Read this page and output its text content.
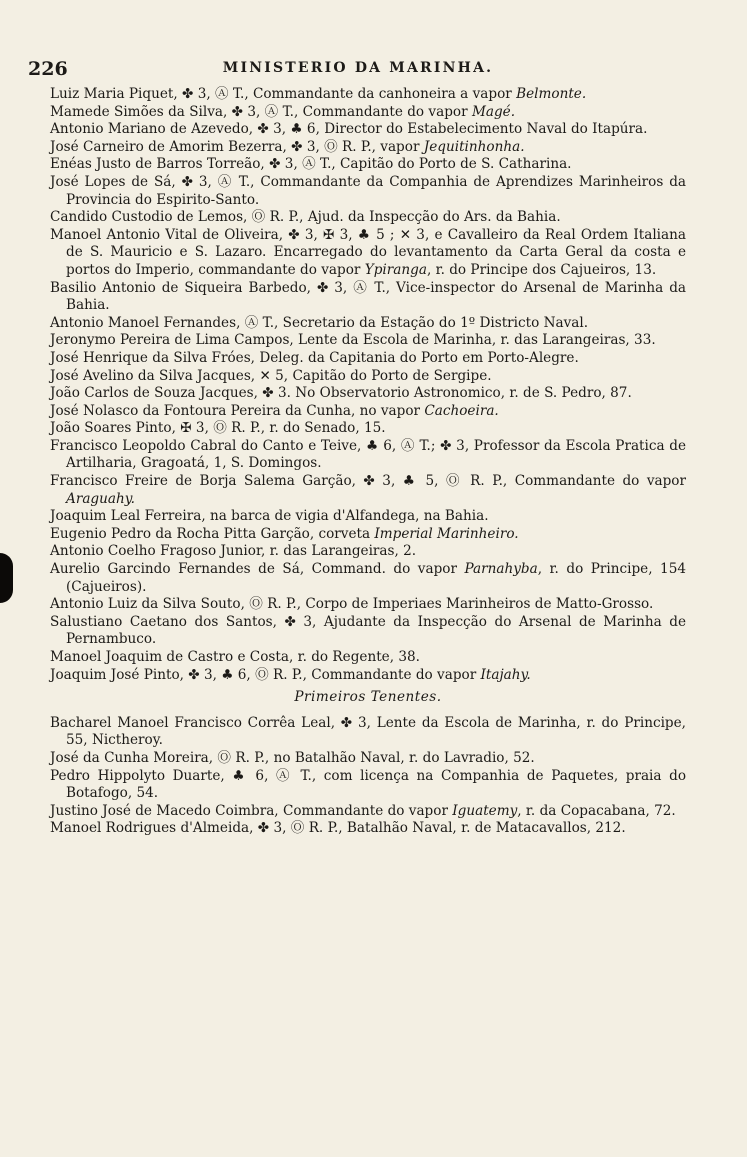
226	MINISTERIO DA MARINHA.
Luiz Maria Piquet, ✤ 3, Ⓐ T., Commandante da canhoneira a vapor Belmonte.
Mamede Simões da Silva, ✤ 3, Ⓐ T., Commandante do vapor Magé.
Antonio Mariano de Azevedo, ✤ 3, ♣ 6, Director do Estabelecimento Naval do Itapúra.
José Carneiro de Amorim Bezerra, ✤ 3, Ⓞ R. P., vapor Jequitinhonha.
Enéas Justo de Barros Torreão, ✤ 3, Ⓐ T., Capitão do Porto de S. Catharina.
José Lopes de Sá, ✤ 3, Ⓐ T., Commandante da Companhia de Aprendizes Marinheiros da Provincia do Espirito-Santo.
Candido Custodio de Lemos, Ⓞ R. P., Ajud. da Inspecção do Ars. da Bahia.
Manoel Antonio Vital de Oliveira, ✤ 3, ✠ 3, ♣ 5 ; ✕ 3, e Cavalleiro da Real Ordem Italiana de S. Mauricio e S. Lazaro. Encarregado do levantamento da Carta Geral da costa e portos do Imperio, commandante do vapor Ypiranga, r. do Principe dos Cajueiros, 13.
Basilio Antonio de Siqueira Barbedo, ✤ 3, Ⓐ T., Vice-inspector do Arsenal de Marinha da Bahia.
Antonio Manoel Fernandes, Ⓐ T., Secretario da Estação do 1º Districto Naval.
Jeronymo Pereira de Lima Campos, Lente da Escola de Marinha, r. das Larangeiras, 33.
José Henrique da Silva Fróes, Deleg. da Capitania do Porto em Porto-Alegre.
José Avelino da Silva Jacques, ✕ 5, Capitão do Porto de Sergipe.
João Carlos de Souza Jacques, ✤ 3. No Observatorio Astronomico, r. de S. Pedro, 87.
José Nolasco da Fontoura Pereira da Cunha, no vapor Cachoeira.
João Soares Pinto, ✠ 3, Ⓞ R. P., r. do Senado, 15.
Francisco Leopoldo Cabral do Canto e Teive, ♣ 6, Ⓐ T.; ✤ 3, Professor da Escola Pratica de Artilharia, Gragoatá, 1, S. Domingos.
Francisco Freire de Borja Salema Garção, ✤ 3, ♣ 5, Ⓞ R. P., Commandante do vapor Araguahy.
Joaquim Leal Ferreira, na barca de vigia d'Alfandega, na Bahia.
Eugenio Pedro da Rocha Pitta Garção, corveta Imperial Marinheiro.
Antonio Coelho Fragoso Junior, r. das Larangeiras, 2.
Aurelio Garcindo Fernandes de Sá, Command. do vapor Parnahyba, r. do Principe, 154 (Cajueiros).
Antonio Luiz da Silva Souto, Ⓞ R. P., Corpo de Imperiaes Marinheiros de Matto-Grosso.
Salustiano Caetano dos Santos, ✤ 3, Ajudante da Inspecção do Arsenal de Marinha de Pernambuco.
Manoel Joaquim de Castro e Costa, r. do Regente, 38.
Joaquim José Pinto, ✤ 3, ♣ 6, Ⓞ R. P., Commandante do vapor Itajahy.
Primeiros Tenentes.
Bacharel Manoel Francisco Corrêa Leal, ✤ 3, Lente da Escola de Marinha, r. do Principe, 55, Nictheroy.
José da Cunha Moreira, Ⓞ R. P., no Batalhão Naval, r. do Lavradio, 52.
Pedro Hippolyto Duarte, ♣ 6, Ⓐ T., com licença na Companhia de Paquetes, praia do Botafogo, 54.
Justino José de Macedo Coimbra, Commandante do vapor Iguatemy, r. da Copacabana, 72.
Manoel Rodrigues d'Almeida, ✤ 3, Ⓞ R. P., Batalhão Naval, r. de Matacavallos, 212.
